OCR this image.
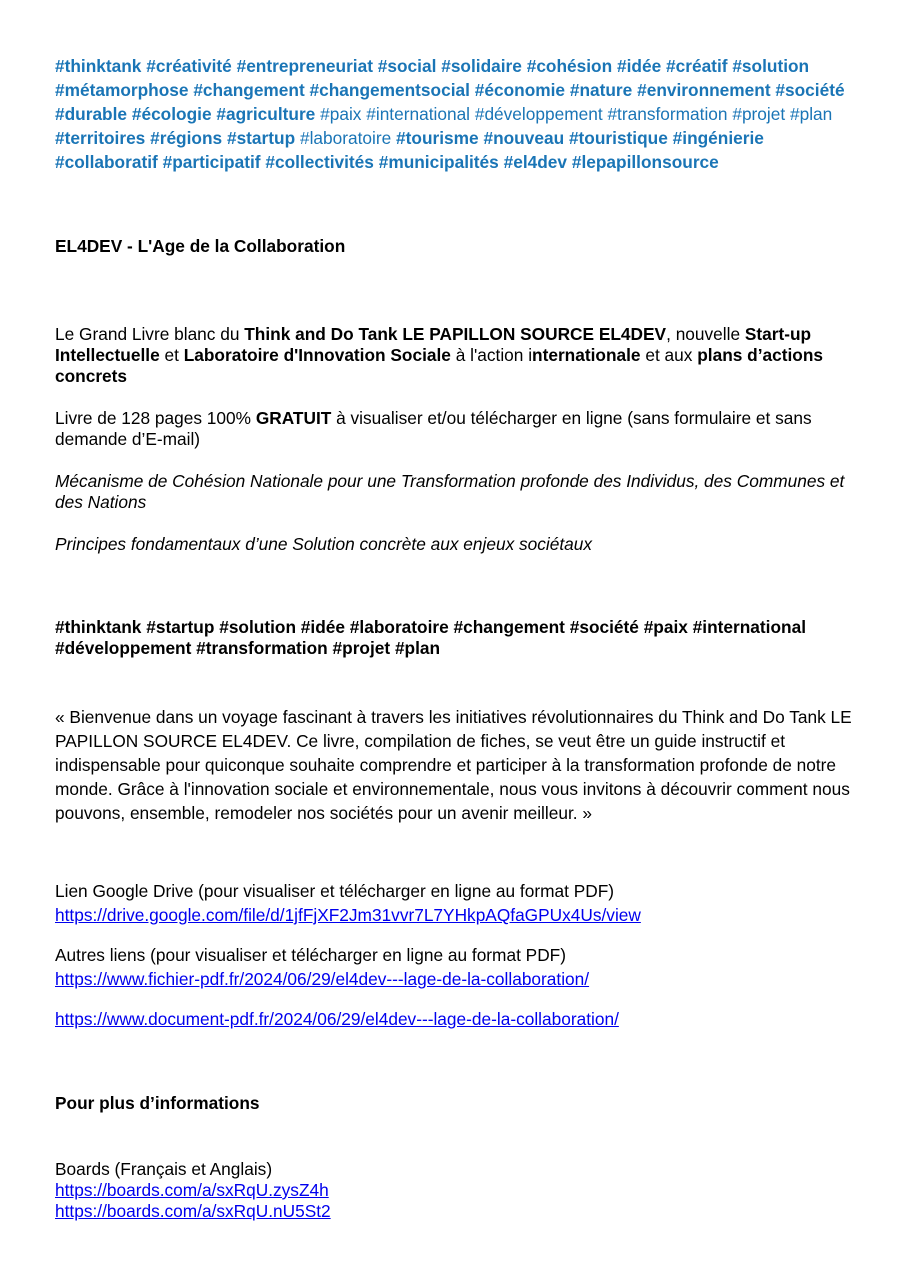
#thinktank #créativité #entrepreneuriat #social #solidaire #cohésion #idée #créatif #solution #métamorphose #changement #changementsocial #économie #nature #environnement #société #durable #écologie #agriculture #paix #international #développement #transformation #projet #plan #territoires #régions #startup #laboratoire #tourisme #nouveau #touristique #ingénierie #collaboratif #participatif #collectivités #municipalités #el4dev #lepapillonsource

EL4DEV - L'Age de la Collaboration

Le Grand Livre blanc du Think and Do Tank LE PAPILLON SOURCE EL4DEV, nouvelle Start-up Intellectuelle et Laboratoire d'Innovation Sociale à l'action internationale et aux plans d’actions concrets

Livre de 128 pages 100% GRATUIT à visualiser et/ou télécharger en ligne (sans formulaire et sans demande d’E-mail)

Mécanisme de Cohésion Nationale pour une Transformation profonde des Individus, des Communes et des Nations

Principes fondamentaux d’une Solution concrète aux enjeux sociétaux

#thinktank #startup #solution #idée #laboratoire #changement #société #paix #international #développement #transformation #projet #plan

« Bienvenue dans un voyage fascinant à travers les initiatives révolutionnaires du Think and Do Tank LE PAPILLON SOURCE EL4DEV. Ce livre, compilation de fiches, se veut être un guide instructif et indispensable pour quiconque souhaite comprendre et participer à la transformation profonde de notre monde. Grâce à l'innovation sociale et environnementale, nous vous invitons à découvrir comment nous pouvons, ensemble, remodeler nos sociétés pour un avenir meilleur. »

Lien Google Drive (pour visualiser et télécharger en ligne au format PDF)
https://drive.google.com/file/d/1jfFjXF2Jm31vvr7L7YHkpAQfaGPUx4Us/view
Autres liens (pour visualiser et télécharger en ligne au format PDF)
https://www.fichier-pdf.fr/2024/06/29/el4dev---lage-de-la-collaboration/
https://www.document-pdf.fr/2024/06/29/el4dev---lage-de-la-collaboration/

Pour plus d’informations

Boards (Français et Anglais)
https://boards.com/a/sxRqU.zysZ4h
https://boards.com/a/sxRqU.nU5St2
